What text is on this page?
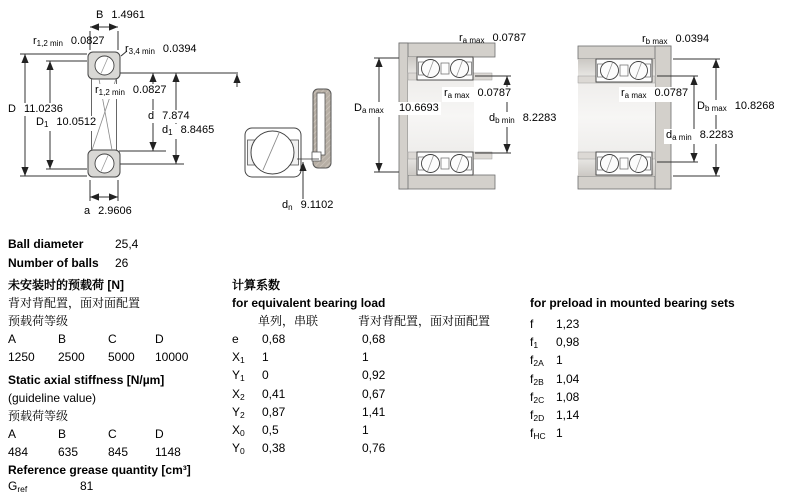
B 1.4961
$r_{1,2 min}$ 0.0827
$r_{3,4 min}$ 0.0394
D 11.0236
$D_1$ 10.0512
$r_{1,2 min}$ 0.0827
d 7.874
$d_1$ 8.8465
a 2.9606	$d_n$ 9.1102
$r_{a max}$ 0.0787
$r_{a max}$ 0.0787
$D_{a max}$ 10.6693
$d_{b min}$ 8.2283
$r_{b max}$ 0.0394
$r_{a max}$ 0.0787
$D_{b max}$ 10.8268
$d_{a min}$ 8.2283
Ball diameter	25,4
Number of balls 26
未安装时的预载荷 [N]
背对背配置，面对面配置
预载荷等级
A	B	C	D
1250 2500 5000 10000
Static axial stiffness [N/µm]
(guideline value)
预载荷等级
A	B	C	D
484 635 845 1148
Reference grease quantity [cm³]
Gref	81
计算系数
for equivalent bearing load
单列，串联	背对背配置，面对面配置
e 0,68	0,68
X1 1	1
Y1 0	0,92
X2 0,41	0,67
Y2 0,87	1,41
X0 0,5	1
Y0 0,38	0,76
for preload in mounted bearing sets
f 1,23
f1 0,98
f2A 1
f2B 1,04
f2C 1,08
f2D 1,14
fHC 1
